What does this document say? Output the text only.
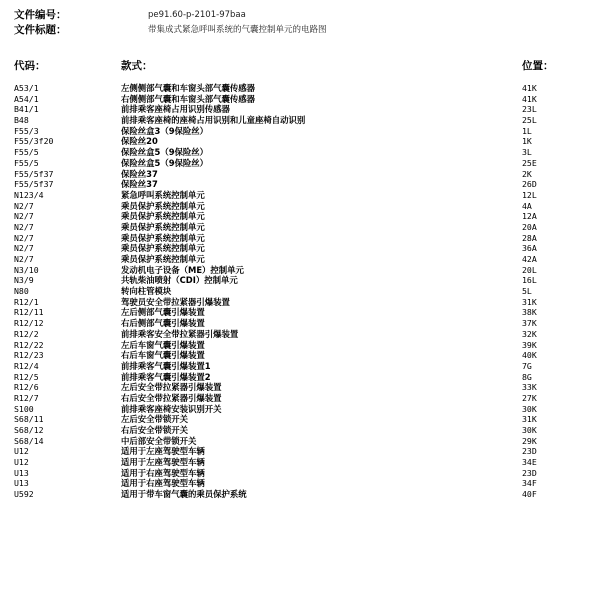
文件编号：	pe91.60-p-2101-97baa
文件标题：	带集成式紧急呼叫系统的气囊控制单元的电路图
代码：	款式：	位置：
A53/1	左侧侧部气囊和车窗头部气囊传感器	41K
A54/1	右侧侧部气囊和车窗头部气囊传感器	41K
B41/1	前排乘客座椅占用识别传感器	23L
B48	前排乘客座椅的座椅占用识别和儿童座椅自动识别	25L
F55/3	保险丝盒3（9保险丝）	1L
F55/3f20	保险丝20	1K
F55/5	保险丝盒5（9保险丝）	3L
F55/5	保险丝盒5（9保险丝）	25E
F55/5f37	保险丝37	2K
F55/5f37	保险丝37	26D
N123/4	紧急呼叫系统控制单元	12L
N2/7	乘员保护系统控制单元	4A
N2/7	乘员保护系统控制单元	12A
N2/7	乘员保护系统控制单元	20A
N2/7	乘员保护系统控制单元	28A
N2/7	乘员保护系统控制单元	36A
N2/7	乘员保护系统控制单元	42A
N3/10	发动机电子设备（ME）控制单元	20L
N3/9	共轨柴油喷射（CDI）控制单元	16L
N80	转向柱管模块	5L
R12/1	驾驶员安全带拉紧器引爆装置	31K
R12/11	左后侧部气囊引爆装置	38K
R12/12	右后侧部气囊引爆装置	37K
R12/2	前排乘客安全带拉紧器引爆装置	32K
R12/22	左后车窗气囊引爆装置	39K
R12/23	右后车窗气囊引爆装置	40K
R12/4	前排乘客气囊引爆装置1	7G
R12/5	前排乘客气囊引爆装置2	8G
R12/6	左后安全带拉紧器引爆装置	33K
R12/7	右后安全带拉紧器引爆装置	27K
S100	前排乘客座椅安装识别开关	30K
S68/11	左后安全带锁开关	31K
S68/12	右后安全带锁开关	30K
S68/14	中后部安全带锁开关	29K
U12	适用于左座驾驶型车辆	23D
U12	适用于左座驾驶型车辆	34E
U13	适用于右座驾驶型车辆	23D
U13	适用于右座驾驶型车辆	34F
U592	适用于带车窗气囊的乘员保护系统	40F
